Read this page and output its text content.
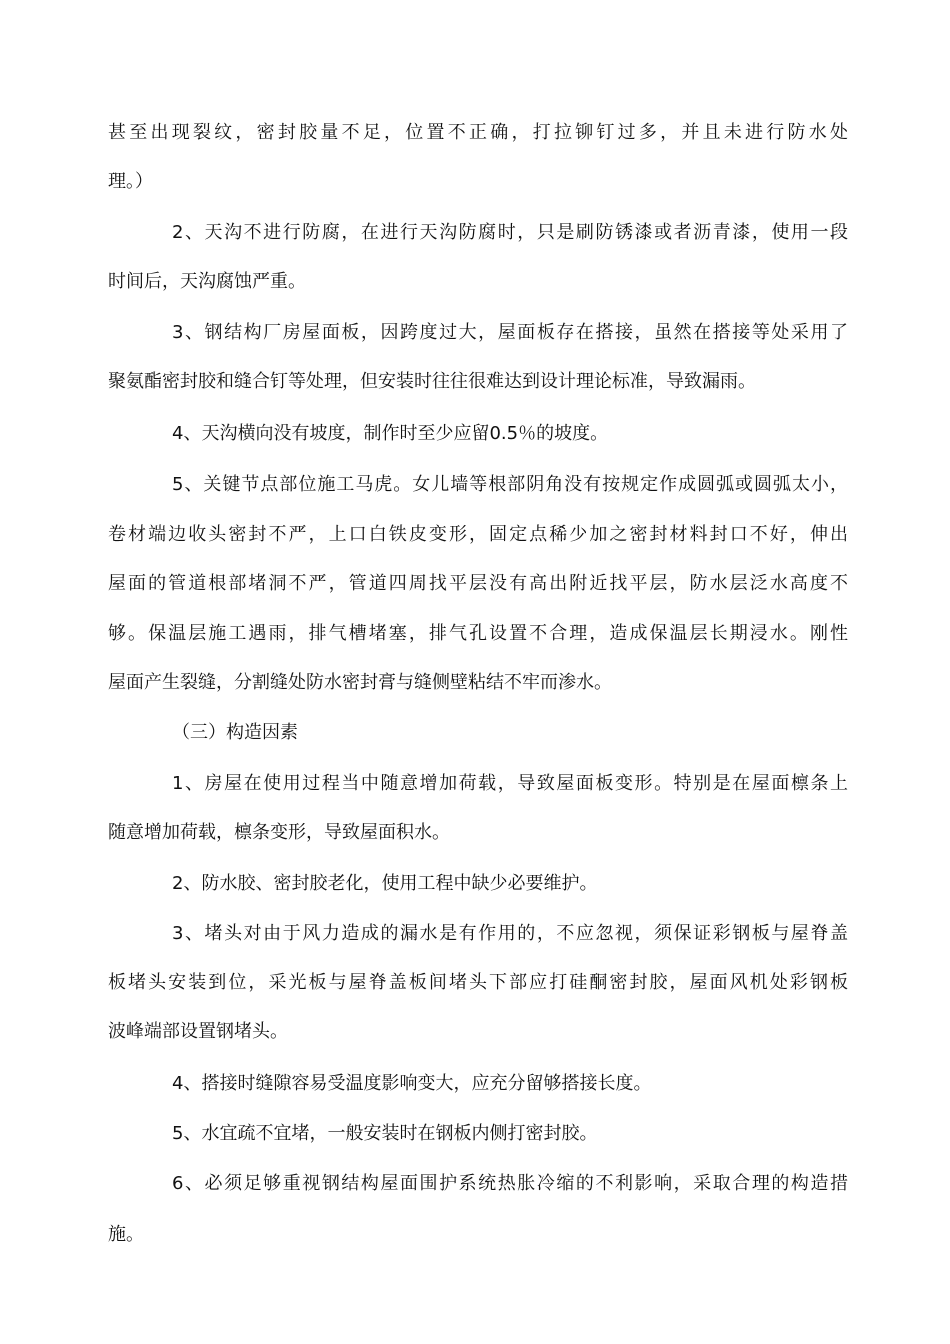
甚至出现裂纹，密封胶量不足，位置不正确，打拉铆钉过多，并且未进行防水处
理。）
2、天沟不进行防腐，在进行天沟防腐时，只是刷防锈漆或者沥青漆，使用一段
时间后，天沟腐蚀严重。
3、钢结构厂房屋面板，因跨度过大，屋面板存在搭接，虽然在搭接等处采用了
聚氨酯密封胶和缝合钉等处理，但安装时往往很难达到设计理论标准，导致漏雨。
4、天沟横向没有坡度，制作时至少应留0.5％的坡度。
5、关键节点部位施工马虎。女儿墙等根部阴角没有按规定作成圆弧或圆弧太小，
卷材端边收头密封不严，上口白铁皮变形，固定点稀少加之密封材料封口不好，伸出
屋面的管道根部堵洞不严，管道四周找平层没有高出附近找平层，防水层泛水高度不
够。保温层施工遇雨，排气槽堵塞，排气孔设置不合理，造成保温层长期浸水。刚性
屋面产生裂缝，分割缝处防水密封膏与缝侧壁粘结不牢而渗水。
（三）构造因素
1、房屋在使用过程当中随意增加荷载，导致屋面板变形。特别是在屋面檩条上
随意增加荷载，檩条变形，导致屋面积水。
2、防水胶、密封胶老化，使用工程中缺少必要维护。
3、堵头对由于风力造成的漏水是有作用的，不应忽视，须保证彩钢板与屋脊盖
板堵头安装到位，采光板与屋脊盖板间堵头下部应打硅酮密封胶，屋面风机处彩钢板
波峰端部设置钢堵头。
4、搭接时缝隙容易受温度影响变大，应充分留够搭接长度。
5、水宜疏不宜堵，一般安装时在钢板内侧打密封胶。
6、必须足够重视钢结构屋面围护系统热胀冷缩的不利影响，采取合理的构造措
施。
